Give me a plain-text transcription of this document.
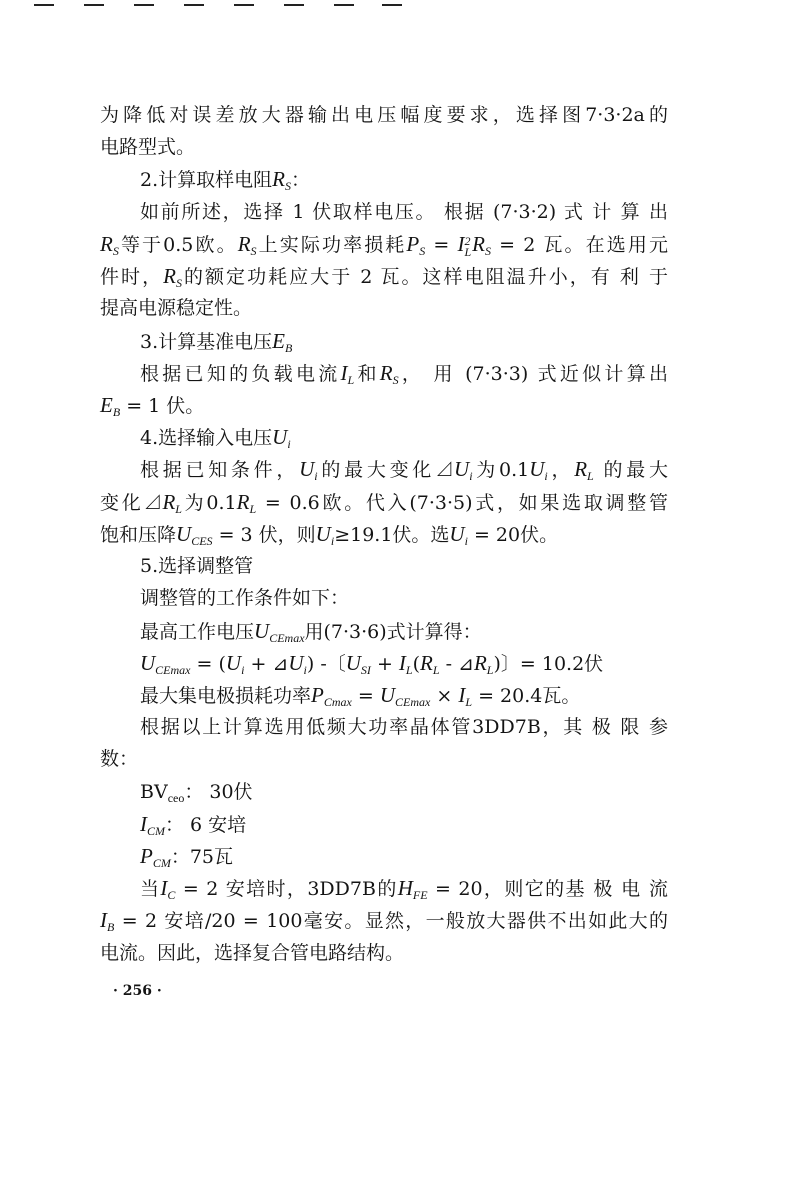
为降低对误差放大器输出电压幅度要求，选择图7·3·2a的
电路型式。
2.计算取样电阻$R_S$：
如前所述，选择 1 伏取样电压。 根据 (7·3·2) 式 计 算 出
$R_S$等于0.5欧。$R_S$上实际功率损耗$P_S = I$ 2
L $R_S = 2$ 瓦。在选用元
件时，$R_S$的额定功耗应大于 2 瓦。这样电阻温升小，有 利 于
提高电源稳定性。
3.计算基准电压$E_B$
根据已知的负载电流$I_L$和$R_S$， 用 (7·3·3) 式近似计算出
$E_B = 1$ 伏。
4.选择输入电压$U_i$
根据已知条件，$U_i$的最大变化$⊿U_i$为$0.1U_i$，$R_L$ 的最大
变化$⊿R_L$为$0.1R_L = 0.6$欧。代入(7·3·5)式，如果选取调整管
饱和压降$U_{CES} = 3$ 伏，则$U_i\ge 19.1$伏。选$U_i = 20$伏。
5.选择调整管
调整管的工作条件如下：
最高工作电压$U_{CEmax}$用(7·3·6)式计算得：
$U_{CEmax} = (U_i$ + $⊿U_i$) -〔$U_{SI} + I_L(R_L$ - $⊿R_L$)〕= 10.2伏
最大集电极损耗功率$P_{Cmax} = U_{CEmax} \times I_L = 20.4$瓦。
根据以上计算选用低频大功率晶体管3DD7B，其 极 限 参
数：
$BV_{ceo}$： 30伏
$I_{CM}$： 6 安培
$P_{CM}$：75瓦
当$I_C = 2$ 安培时，3DD7B的$H_{FE} = 20$，则它的基 极 电 流
$I_B = 2$ 安培/20 = 100毫安。显然，一般放大器供不出如此大的
电流。因此，选择复合管电路结构。
· 256 ·
